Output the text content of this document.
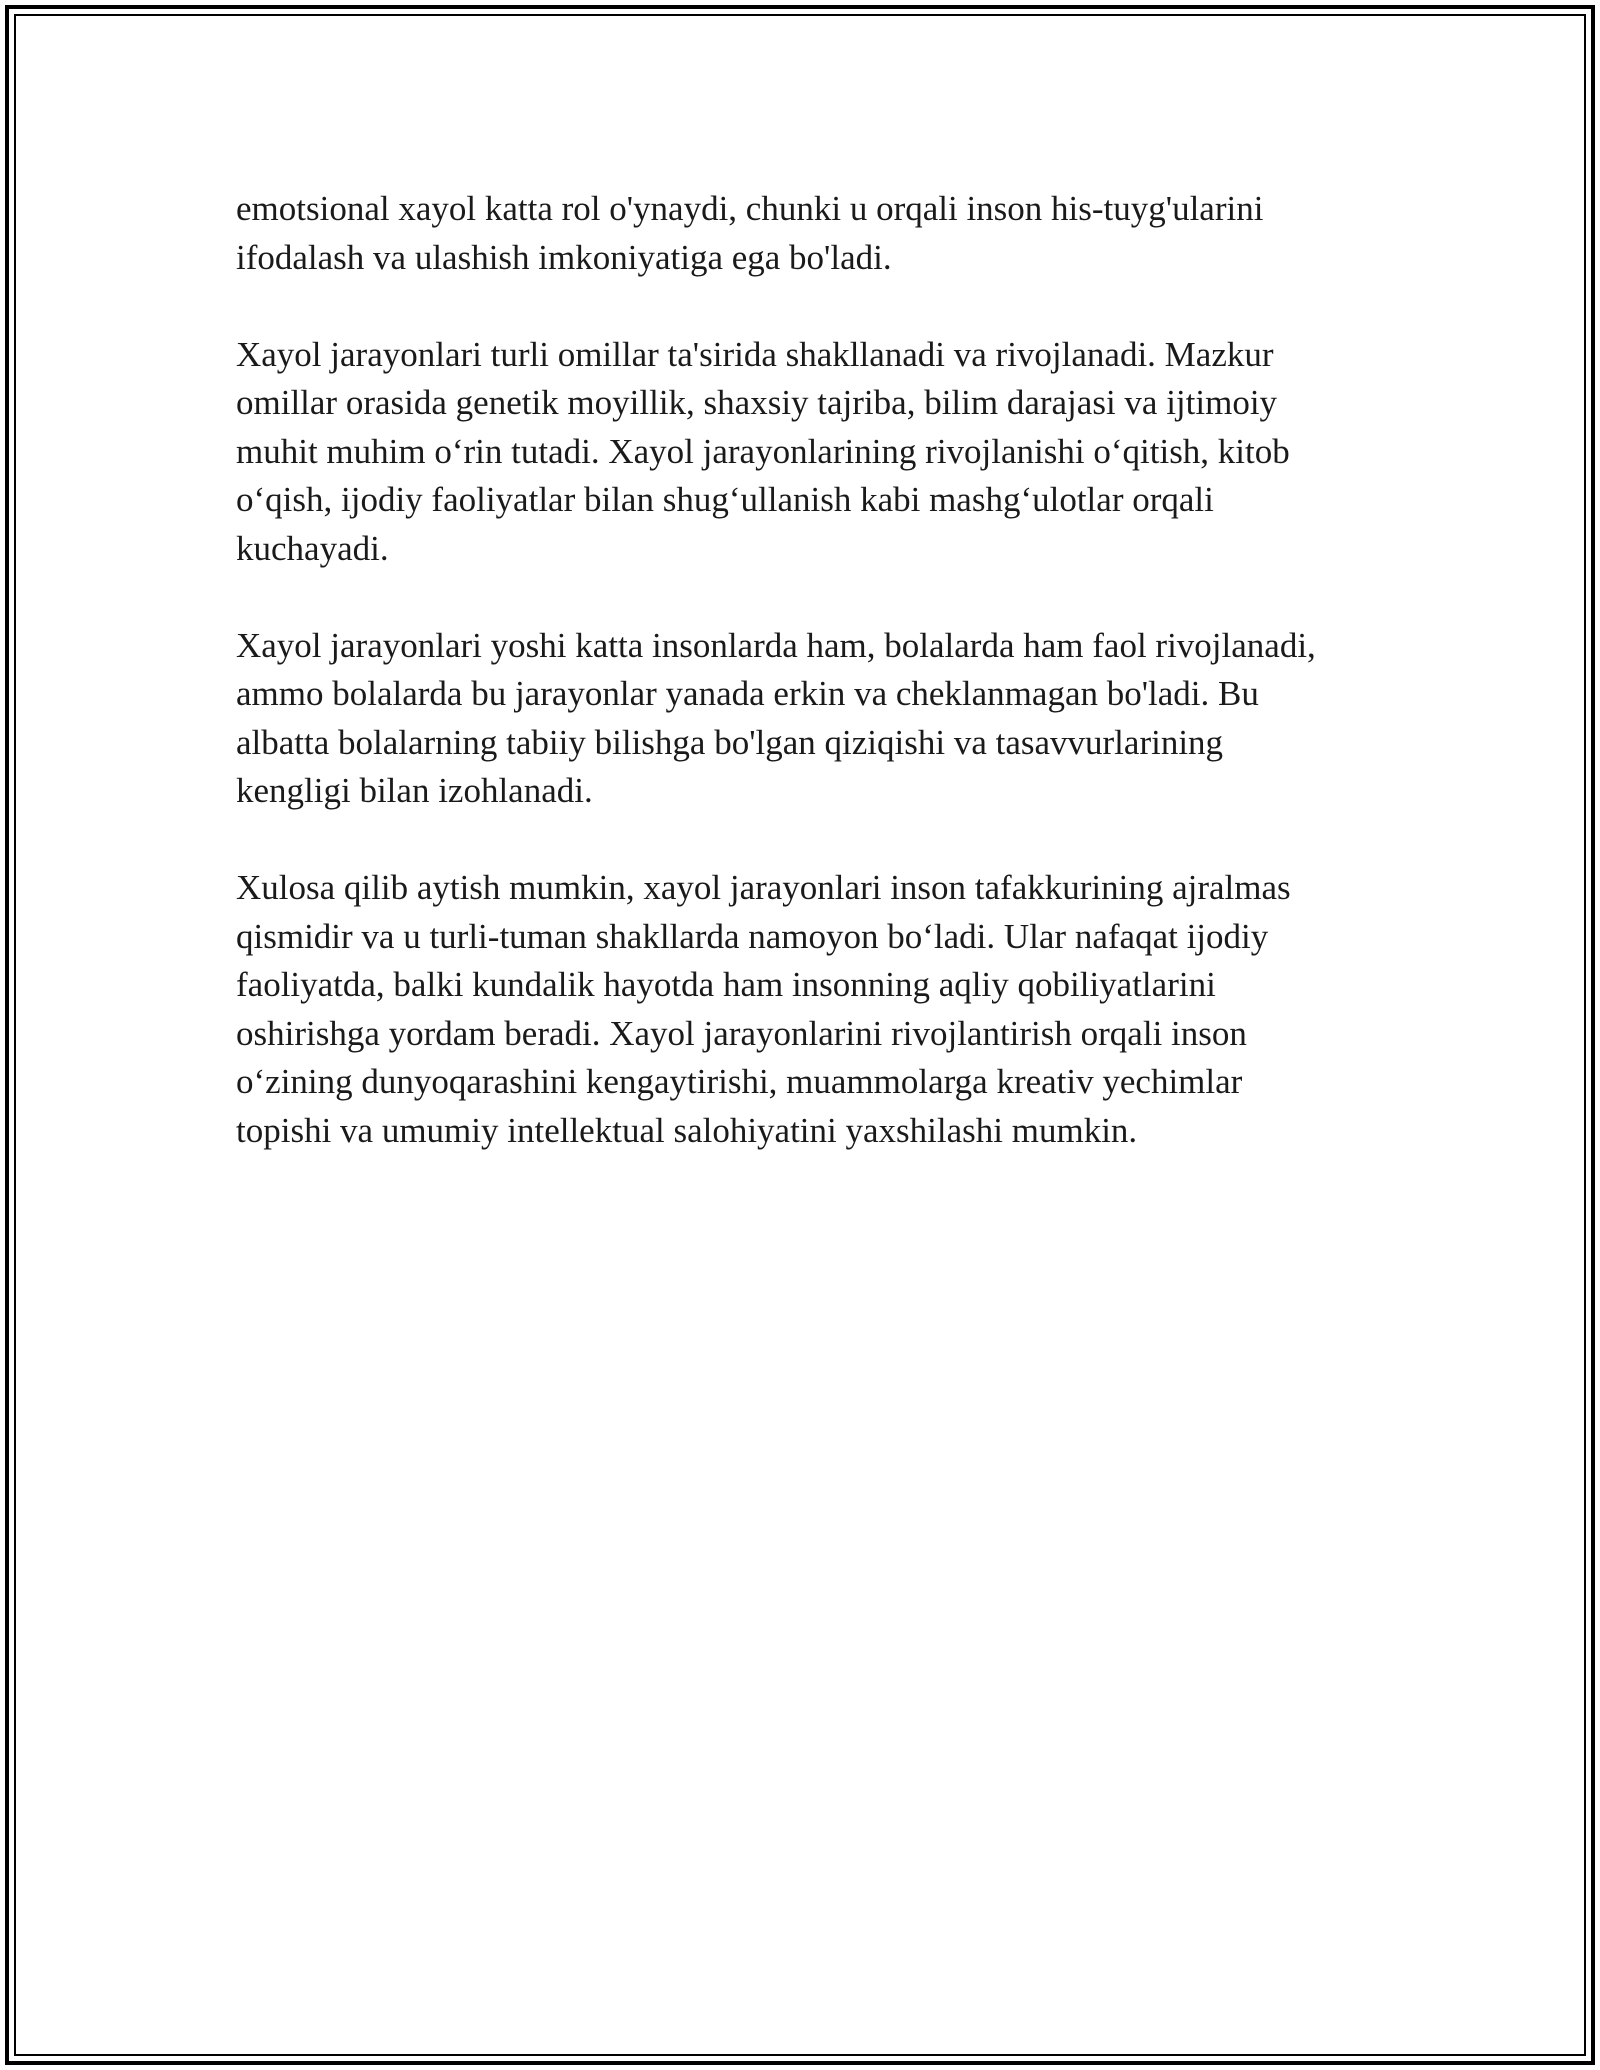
emotsional xayol katta rol o'ynaydi, chunki u orqali inson his-tuyg'ularini
ifodalash va ulashish imkoniyatiga ega bo'ladi.

Xayol jarayonlari turli omillar ta'sirida shakllanadi va rivojlanadi. Mazkur
omillar orasida genetik moyillik, shaxsiy tajriba, bilim darajasi va ijtimoiy
muhit muhim o‘rin tutadi. Xayol jarayonlarining rivojlanishi o‘qitish, kitob
o‘qish, ijodiy faoliyatlar bilan shug‘ullanish kabi mashg‘ulotlar orqali
kuchayadi.

Xayol jarayonlari yoshi katta insonlarda ham, bolalarda ham faol rivojlanadi,
ammo bolalarda bu jarayonlar yanada erkin va cheklanmagan bo'ladi. Bu
albatta bolalarning tabiiy bilishga bo'lgan qiziqishi va tasavvurlarining
kengligi bilan izohlanadi.

Xulosa qilib aytish mumkin, xayol jarayonlari inson tafakkurining ajralmas
qismidir va u turli-tuman shakllarda namoyon bo‘ladi. Ular nafaqat ijodiy
faoliyatda, balki kundalik hayotda ham insonning aqliy qobiliyatlarini
oshirishga yordam beradi. Xayol jarayonlarini rivojlantirish orqali inson
o‘zining dunyoqarashini kengaytirishi, muammolarga kreativ yechimlar
topishi va umumiy intellektual salohiyatini yaxshilashi mumkin.
